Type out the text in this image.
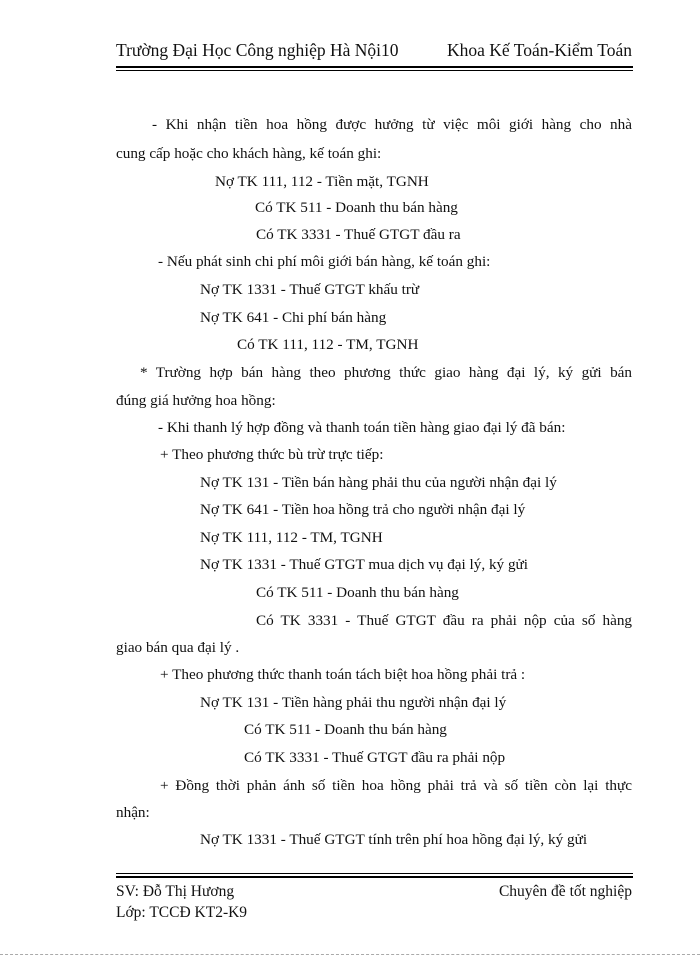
Trường Đại Học Công nghiệp Hà Nội10	Khoa Kế Toán-Kiểm Toán
- Khi nhận tiền hoa hồng được hưởng từ việc môi giới hàng cho nhà
cung cấp hoặc cho khách hàng, kế toán ghi:
Nợ TK 111, 112 - Tiền mặt, TGNH
Có TK 511 - Doanh thu bán hàng
Có TK 3331 - Thuế GTGT đầu ra
- Nếu phát sinh chi phí môi giới bán hàng, kế toán ghi:
Nợ TK 1331 - Thuế GTGT khấu trừ
Nợ TK 641 - Chi phí bán hàng
Có TK 111, 112 - TM, TGNH
* Trường hợp bán hàng theo phương thức giao hàng đại lý, ký gửi bán
đúng giá hưởng hoa hồng:
- Khi thanh lý hợp đồng và thanh toán tiền hàng giao đại lý đã bán:
+ Theo phương thức bù trừ trực tiếp:
Nợ TK 131 - Tiền bán hàng phải thu của người nhận đại lý
Nợ TK 641 - Tiền hoa hồng trả cho người nhận đại lý
Nợ TK 111, 112 - TM, TGNH
Nợ TK 1331 - Thuế GTGT mua dịch vụ đại lý, ký gửi
Có TK 511 - Doanh thu bán hàng
Có TK 3331 - Thuế GTGT đầu ra phải nộp của số hàng
giao bán qua đại lý .
+ Theo phương thức thanh toán tách biệt hoa hồng phải trả :
Nợ TK 131 - Tiền hàng phải thu người nhận đại lý
Có TK 511 - Doanh thu bán hàng
Có TK 3331 - Thuế GTGT đầu ra phải nộp
+ Đồng thời phản ánh số tiền hoa hồng phải trả và số tiền còn lại thực
nhận:
Nợ TK 1331 - Thuế GTGT tính trên phí hoa hồng đại lý, ký gửi
SV: Đỗ Thị Hương
Lớp: TCCĐ KT2-K9
Chuyên đề tốt nghiệp
